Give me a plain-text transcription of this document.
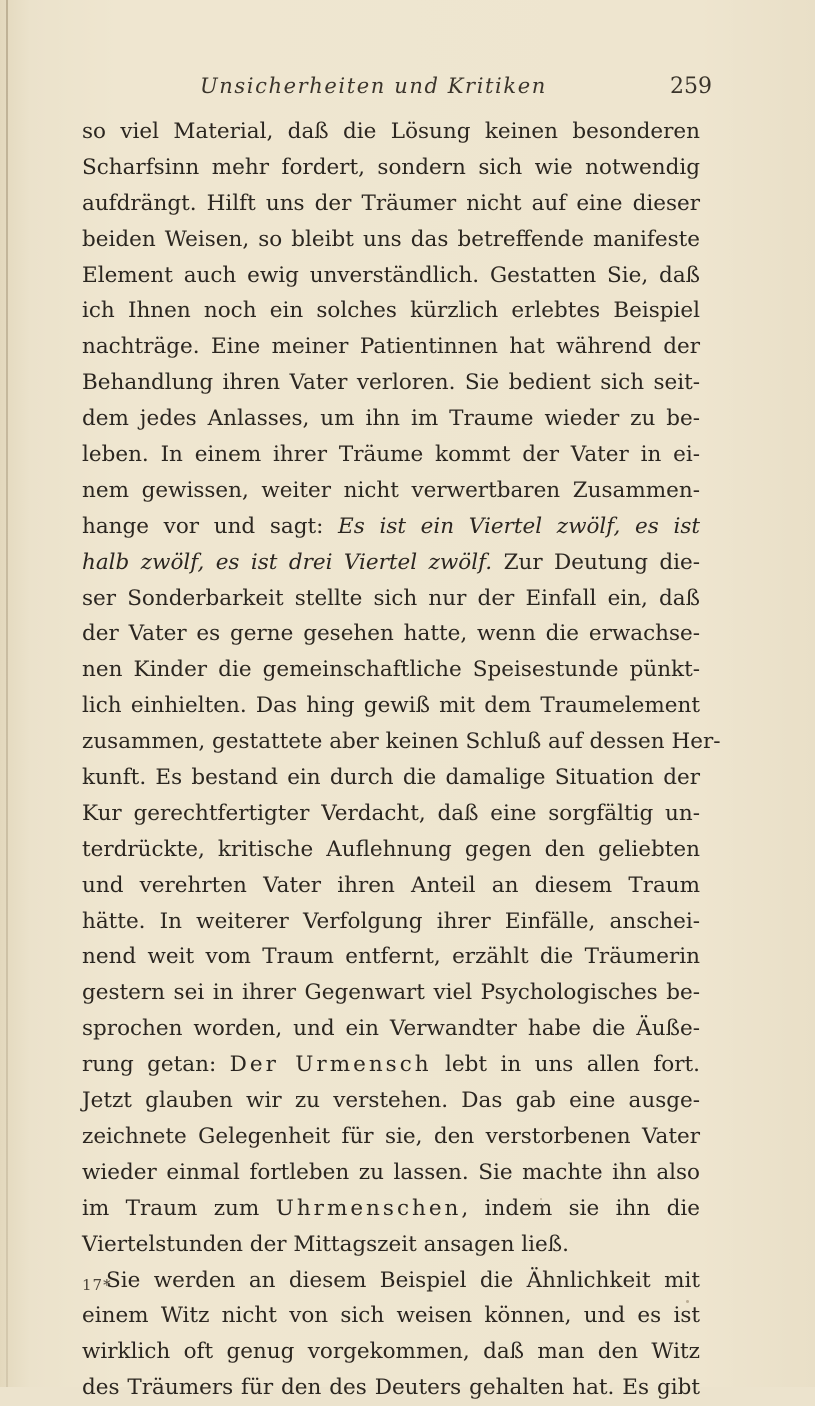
Unsicherheiten und Kritiken	259
so viel Material, daß die Lösung keinen besonderen
Scharfsinn mehr fordert, sondern sich wie notwendig
aufdrängt. Hilft uns der Träumer nicht auf eine dieser
beiden Weisen, so bleibt uns das betreffende manifeste
Element auch ewig unverständlich. Gestatten Sie, daß
ich Ihnen noch ein solches kürzlich erlebtes Beispiel
nachträge. Eine meiner Patientinnen hat während der
Behandlung ihren Vater verloren. Sie bedient sich seit-
dem jedes Anlasses, um ihn im Traume wieder zu be-
leben. In einem ihrer Träume kommt der Vater in ei-
nem gewissen, weiter nicht verwertbaren Zusammen-
hange vor und sagt: Es ist ein Viertel zwölf, es ist
halb zwölf, es ist drei Viertel zwölf. Zur Deutung die-
ser Sonderbarkeit stellte sich nur der Einfall ein, daß
der Vater es gerne gesehen hatte, wenn die erwachse-
nen Kinder die gemeinschaftliche Speisestunde pünkt-
lich einhielten. Das hing gewiß mit dem Traumelement
zusammen, gestattete aber keinen Schluß auf dessen Her-
kunft. Es bestand ein durch die damalige Situation der
Kur gerechtfertigter Verdacht, daß eine sorgfältig un-
terdrückte, kritische Auflehnung gegen den geliebten
und verehrten Vater ihren Anteil an diesem Traum
hätte. In weiterer Verfolgung ihrer Einfälle, anschei-
nend weit vom Traum entfernt, erzählt die Träumerin
gestern sei in ihrer Gegenwart viel Psychologisches be-
sprochen worden, und ein Verwandter habe die Äuße-
rung getan: Der Urmensch lebt in uns allen fort.
Jetzt glauben wir zu verstehen. Das gab eine ausge-
zeichnete Gelegenheit für sie, den verstorbenen Vater
wieder einmal fortleben zu lassen. Sie machte ihn also
im Traum zum Uhrmenschen, indem sie ihn die
Viertelstunden der Mittagszeit ansagen ließ.
Sie werden an diesem Beispiel die Ähnlichkeit mit
einem Witz nicht von sich weisen können, und es ist
wirklich oft genug vorgekommen, daß man den Witz
des Träumers für den des Deuters gehalten hat. Es gibt
17*
